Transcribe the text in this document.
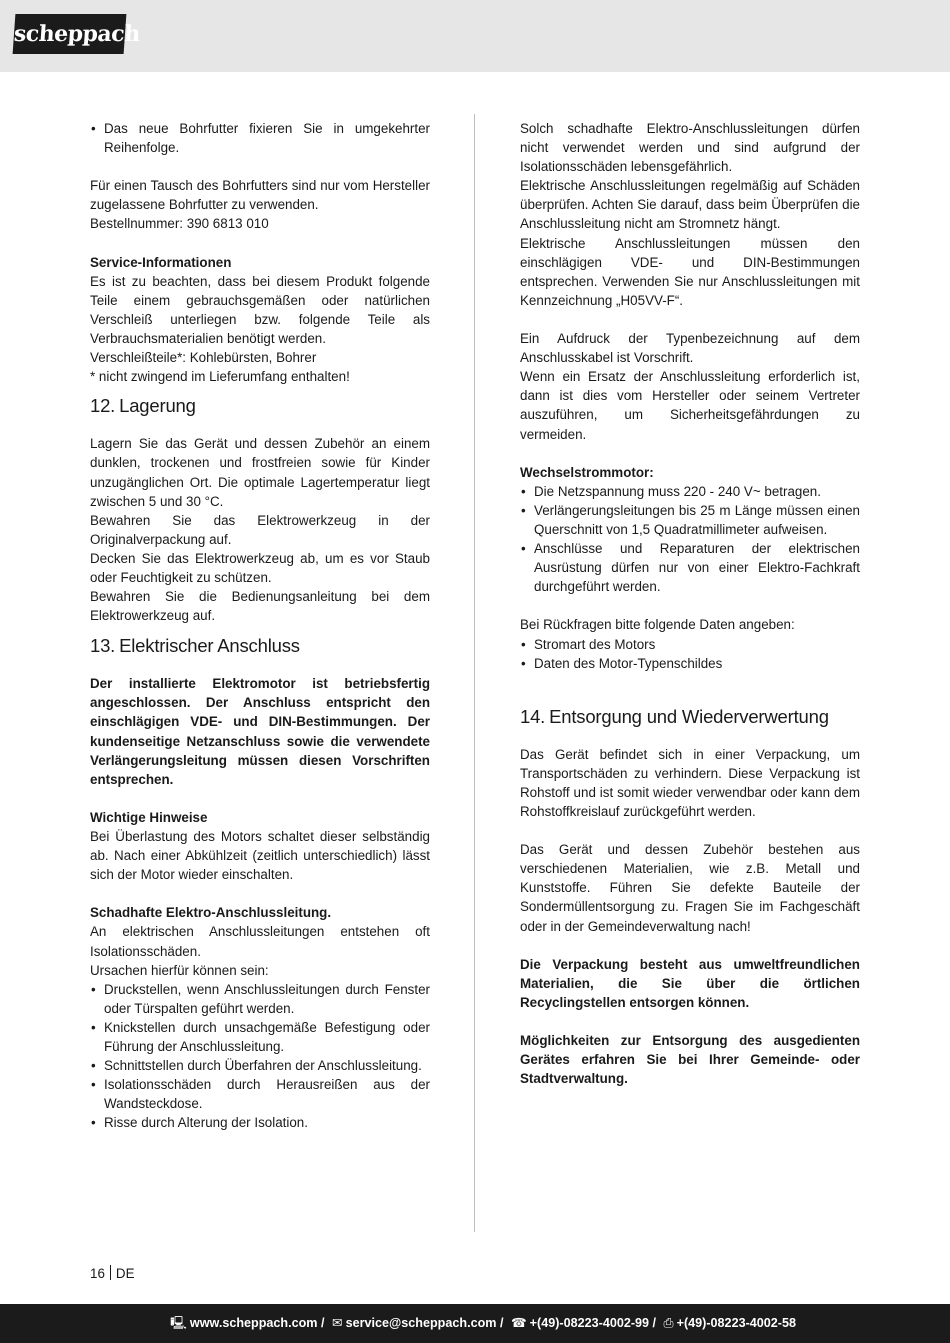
scheppach
• Das neue Bohrfutter fixieren Sie in umgekehrter Reihenfolge.
Für einen Tausch des Bohrfutters sind nur vom Hersteller zugelassene Bohrfutter zu verwenden.
Bestellnummer: 390 6813 010
Service-Informationen
Es ist zu beachten, dass bei diesem Produkt folgende Teile einem gebrauchsgemäßen oder natürlichen Verschleiß unterliegen bzw. folgende Teile als Verbrauchsmaterialien benötigt werden.
Verschleißteile*: Kohlebürsten, Bohrer
* nicht zwingend im Lieferumfang enthalten!
12. Lagerung
Lagern Sie das Gerät und dessen Zubehör an einem dunklen, trockenen und frostfreien sowie für Kinder unzugänglichen Ort. Die optimale Lagertemperatur liegt zwischen 5 und 30 °C.
Bewahren Sie das Elektrowerkzeug in der Originalverpackung auf.
Decken Sie das Elektrowerkzeug ab, um es vor Staub oder Feuchtigkeit zu schützen.
Bewahren Sie die Bedienungsanleitung bei dem Elektrowerkzeug auf.
13. Elektrischer Anschluss
Der installierte Elektromotor ist betriebsfertig angeschlossen. Der Anschluss entspricht den einschlägigen VDE- und DIN-Bestimmungen. Der kundenseitige Netzanschluss sowie die verwendete Verlängerungsleitung müssen diesen Vorschriften entsprechen.
Wichtige Hinweise
Bei Überlastung des Motors schaltet dieser selbständig ab. Nach einer Abkühlzeit (zeitlich unterschiedlich) lässt sich der Motor wieder einschalten.
Schadhafte Elektro-Anschlussleitung.
An elektrischen Anschlussleitungen entstehen oft Isolationsschäden.
Ursachen hierfür können sein:
• Druckstellen, wenn Anschlussleitungen durch Fenster oder Türspalten geführt werden.
• Knickstellen durch unsachgemäße Befestigung oder Führung der Anschlussleitung.
• Schnittstellen durch Überfahren der Anschlussleitung.
• Isolationsschäden durch Herausreißen aus der Wandsteckdose.
• Risse durch Alterung der Isolation.
Solch schadhafte Elektro-Anschlussleitungen dürfen nicht verwendet werden und sind aufgrund der Isolationsschäden lebensgefährlich.
Elektrische Anschlussleitungen regelmäßig auf Schäden überprüfen. Achten Sie darauf, dass beim Überprüfen die Anschlussleitung nicht am Stromnetz hängt.
Elektrische Anschlussleitungen müssen den einschlägigen VDE- und DIN-Bestimmungen entsprechen. Verwenden Sie nur Anschlussleitungen mit Kennzeichnung „H05VV-F“.
Ein Aufdruck der Typenbezeichnung auf dem Anschlusskabel ist Vorschrift.
Wenn ein Ersatz der Anschlussleitung erforderlich ist, dann ist dies vom Hersteller oder seinem Vertreter auszuführen, um Sicherheitsgefährdungen zu vermeiden.
Wechselstrommotor:
• Die Netzspannung muss 220 - 240 V~ betragen.
• Verlängerungsleitungen bis 25 m Länge müssen einen Querschnitt von 1,5 Quadratmillimeter aufweisen.
• Anschlüsse und Reparaturen der elektrischen Ausrüstung dürfen nur von einer Elektro-Fachkraft durchgeführt werden.
Bei Rückfragen bitte folgende Daten angeben:
• Stromart des Motors
• Daten des Motor-Typenschildes
14. Entsorgung und Wiederverwertung
Das Gerät befindet sich in einer Verpackung, um Transportschäden zu verhindern. Diese Verpackung ist Rohstoff und ist somit wieder verwendbar oder kann dem Rohstoffkreislauf zurückgeführt werden.
Das Gerät und dessen Zubehör bestehen aus verschiedenen Materialien, wie z.B. Metall und Kunststoffe. Führen Sie defekte Bauteile der Sondermüllentsorgung zu. Fragen Sie im Fachgeschäft oder in der Gemeindeverwaltung nach!
Die Verpackung besteht aus umweltfreundlichen Materialien, die Sie über die örtlichen Recyclingstellen entsorgen können.
Möglichkeiten zur Entsorgung des ausgedienten Gerätes erfahren Sie bei Ihrer Gemeinde- oder Stadtverwaltung.
16 DE
🖳 www.scheppach.com / ✉ service@scheppach.com / ☎ +(49)-08223-4002-99 / ⎙ +(49)-08223-4002-58
